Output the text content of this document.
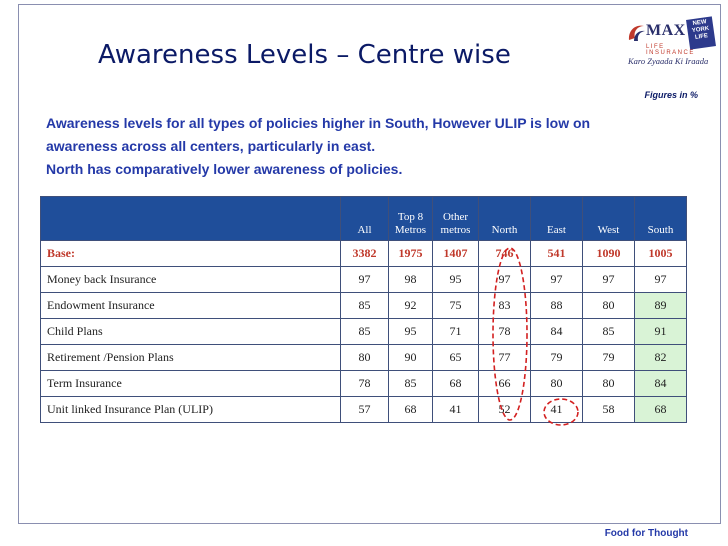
Awareness Levels – Centre wise
MAX	NEW
YORK
LIFE
LIFE INSURANCE
Karo Zyaada Ki Iraada
Figures in %
Awareness levels for all types of policies higher in South, However ULIP is low on
awareness across all centers, particularly in east.
North has comparatively lower awareness of policies.
	All	Top 8 Metros	Other metros	North	East	West	South
Base:	3382	1975	1407	746	541	1090	1005
Money back Insurance	97	98	95	97	97	97	97
Endowment Insurance	85	92	75	83	88	80	89
Child Plans	85	95	71	78	84	85	91
Retirement /Pension Plans	80	90	65	77	79	79	82
Term Insurance	78	85	68	66	80	80	84
Unit linked Insurance Plan (ULIP)	57	68	41	52	41	58	68
Food for Thought
